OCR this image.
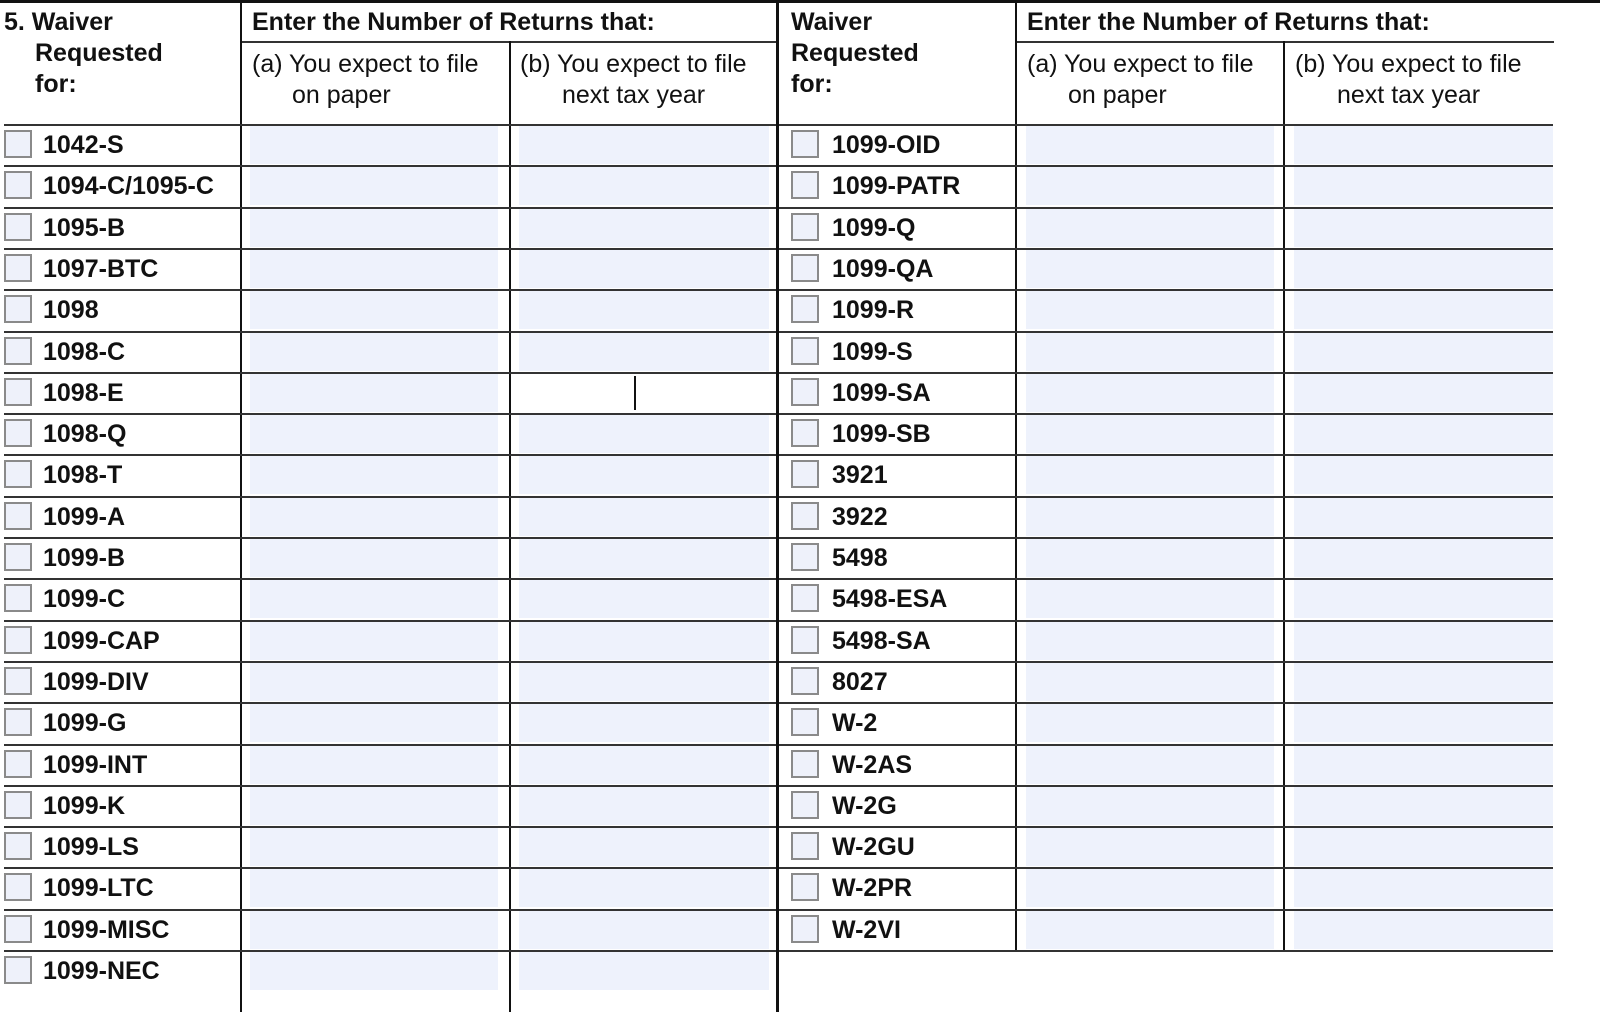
5. Waiver
Requested
for:
Enter the Number of Returns that:
(a) You expect to file
on paper
(b) You expect to file
next tax year
Waiver
Requested
for:
Enter the Number of Returns that:
(a) You expect to file
on paper
(b) You expect to file
next tax year
1042-S
1094-C/1095-C
1095-B
1097-BTC
1098
1098-C
1098-E
1098-Q
1098-T
1099-A
1099-B
1099-C
1099-CAP
1099-DIV
1099-G
1099-INT
1099-K
1099-LS
1099-LTC
1099-MISC
1099-NEC
1099-OID
1099-PATR
1099-Q
1099-QA
1099-R
1099-S
1099-SA
1099-SB
3921
3922
5498
5498-ESA
5498-SA
8027
W-2
W-2AS
W-2G
W-2GU
W-2PR
W-2VI
